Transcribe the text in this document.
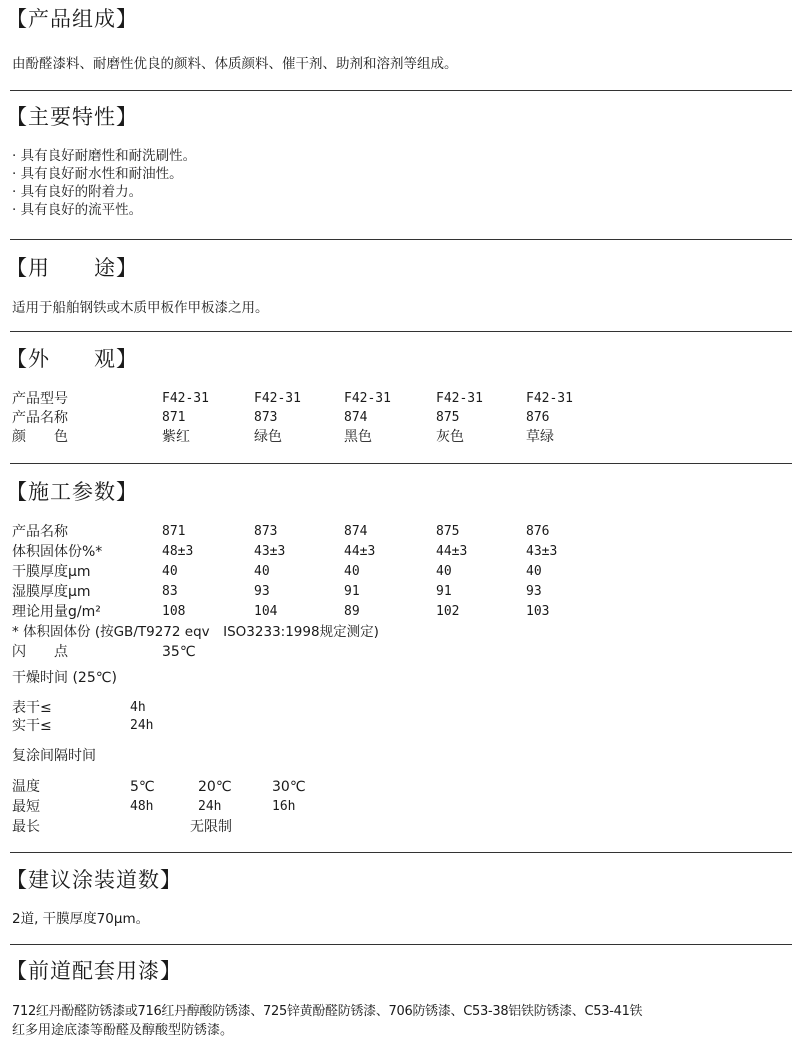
【产品组成】
由酚醛漆料、耐磨性优良的颜料、体质颜料、催干剂、助剂和溶剂等组成。
【主要特性】
· 具有良好耐磨性和耐洗刷性。
· 具有良好耐水性和耐油性。
· 具有良好的附着力。
· 具有良好的流平性。
【用　　途】
适用于船舶钢铁或木质甲板作甲板漆之用。
【外　　观】
产品型号	F42-31	F42-31	F42-31	F42-31	F42-31
产品名称	871	873	874	875	876
颜　　色	紫红	绿色	黑色	灰色	草绿
【施工参数】
产品名称	871	873	874	875	876
体积固体份%*	48±3	43±3	44±3	44±3	43±3
干膜厚度μm	40	40	40	40	40
湿膜厚度μm	83	93	91	91	93
理论用量g/m²	108	104	89	102	103
* 体积固体份 (按GB/T9272 eqv　ISO3233:1998规定测定)
闪　　点	35℃
干燥时间 (25℃)
表干≤	4h
实干≤	24h
复涂间隔时间
温度	5℃	20℃	30℃
最短	48h	24h	16h
最长	无限制
【建议涂装道数】
2道, 干膜厚度70μm。
【前道配套用漆】
712红丹酚醛防锈漆或716红丹醇酸防锈漆、725锌黄酚醛防锈漆、706防锈漆、C53-38铝铁防锈漆、C53-41铁
红多用途底漆等酚醛及醇酸型防锈漆。
